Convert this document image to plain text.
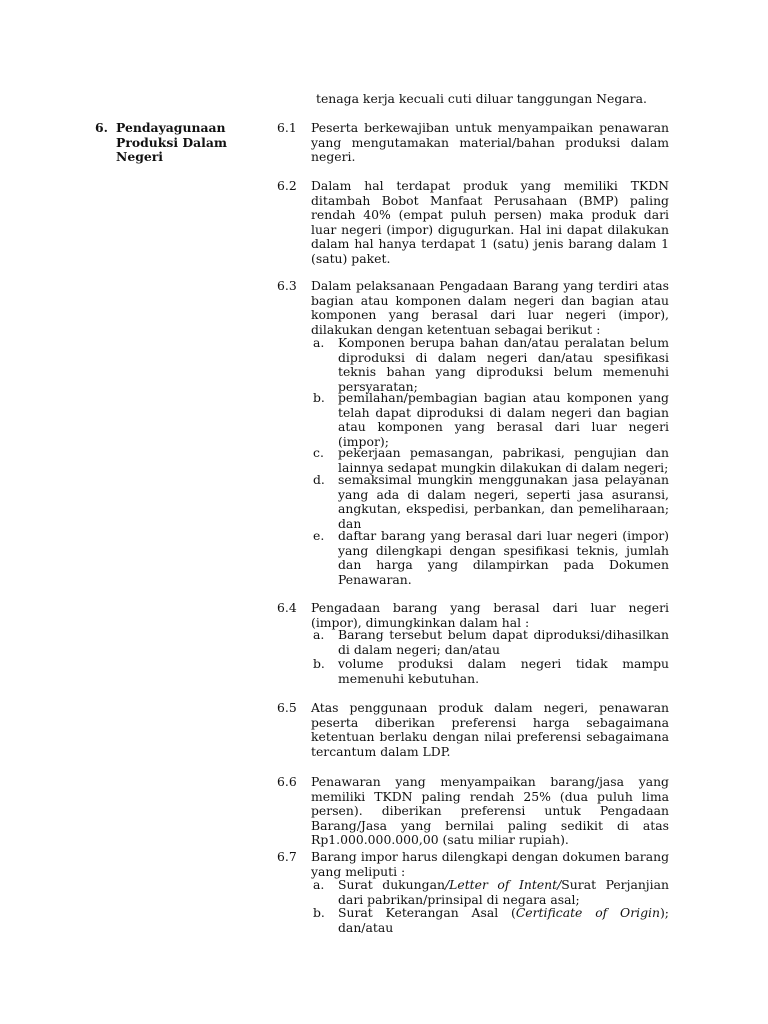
tenaga kerja kecuali cuti diluar tanggungan Negara.
6. Pendayagunaan
Produksi Dalam Negeri
6.1	Peserta berkewajiban untuk menyampaikan penawaran yang mengutamakan material/bahan produksi dalam negeri.
6.2	Dalam hal terdapat produk yang memiliki TKDN ditambah Bobot Manfaat Perusahaan (BMP) paling rendah 40% (empat puluh persen) maka produk dari luar negeri (impor) digugurkan. Hal ini dapat dilakukan dalam hal hanya terdapat 1 (satu) jenis barang dalam 1 (satu) paket.
6.3	Dalam pelaksanaan Pengadaan Barang yang terdiri atas bagian atau komponen dalam negeri dan bagian atau komponen yang berasal dari luar negeri (impor), dilakukan dengan ketentuan sebagai berikut :
a. Komponen berupa bahan dan/atau peralatan belum diproduksi di dalam negeri dan/atau spesifikasi teknis bahan yang diproduksi belum memenuhi persyaratan;
b. pemilahan/pembagian bagian atau komponen yang telah dapat diproduksi di dalam negeri dan bagian atau komponen yang berasal dari luar negeri (impor);
c. pekerjaan pemasangan, pabrikasi, pengujian dan lainnya sedapat mungkin dilakukan di dalam negeri;
d. semaksimal mungkin menggunakan jasa pelayanan yang ada di dalam negeri, seperti jasa asuransi, angkutan, ekspedisi, perbankan, dan pemeliharaan; dan
e. daftar barang yang berasal dari luar negeri (impor) yang dilengkapi dengan spesifikasi teknis, jumlah dan harga yang dilampirkan pada Dokumen Penawaran.
6.4	Pengadaan barang yang berasal dari luar negeri (impor), dimungkinkan dalam hal :
a. Barang tersebut belum dapat diproduksi/dihasilkan di dalam negeri; dan/atau
b. volume produksi dalam negeri tidak mampu memenuhi kebutuhan.
6.5	Atas penggunaan produk dalam negeri, penawaran peserta diberikan preferensi harga sebagaimana ketentuan berlaku dengan nilai preferensi sebagaimana tercantum dalam LDP.
6.6	Penawaran yang menyampaikan barang/jasa yang memiliki TKDN paling rendah 25% (dua puluh lima persen). diberikan preferensi untuk Pengadaan Barang/Jasa yang bernilai paling sedikit di atas Rp1.000.000.000,00 (satu miliar rupiah).
6.7	Barang impor harus dilengkapi dengan dokumen barang yang meliputi :
a. Surat dukungan/Letter of Intent/Surat Perjanjian dari pabrikan/prinsipal di negara asal;
b. Surat Keterangan Asal (Certificate of Origin); dan/atau
